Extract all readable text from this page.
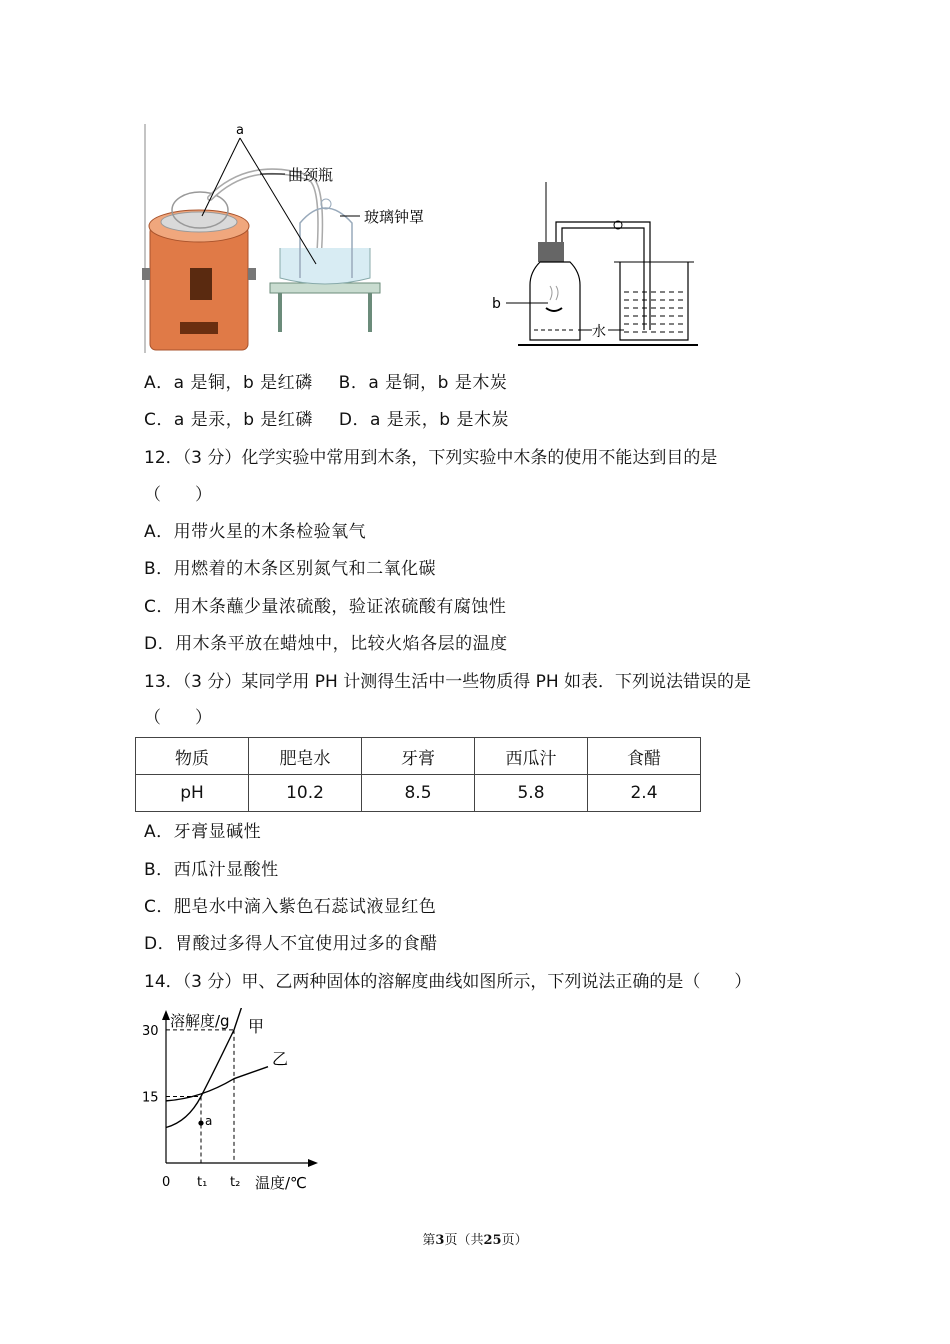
a
曲颈瓶
玻璃钟罩
b
水
A．a 是铜，b 是红磷 B．a 是铜，b 是木炭
C．a 是汞，b 是红磷 D．a 是汞，b 是木炭
12．（3 分）化学实验中常用到木条，下列实验中木条的使用不能达到目的是
（　　）
A．用带火星的木条检验氧气
B．用燃着的木条区别氮气和二氧化碳
C．用木条蘸少量浓硫酸，验证浓硫酸有腐蚀性
D．用木条平放在蜡烛中，比较火焰各层的温度
13．（3 分）某同学用 PH 计测得生活中一些物质得 PH 如表．下列说法错误的是
（　　）
物质	肥皂水	牙膏	西瓜汁	食醋
pH	10.2	8.5	5.8	2.4
A．牙膏显碱性
B．西瓜汁显酸性
C．肥皂水中滴入紫色石蕊试液显红色
D．胃酸过多得人不宜使用过多的食醋
14．（3 分）甲、乙两种固体的溶解度曲线如图所示，下列说法正确的是（　　）
溶解度/g
温度/℃
30
15
0 t₁ t₂
甲
乙
a
第3页（共25页）
